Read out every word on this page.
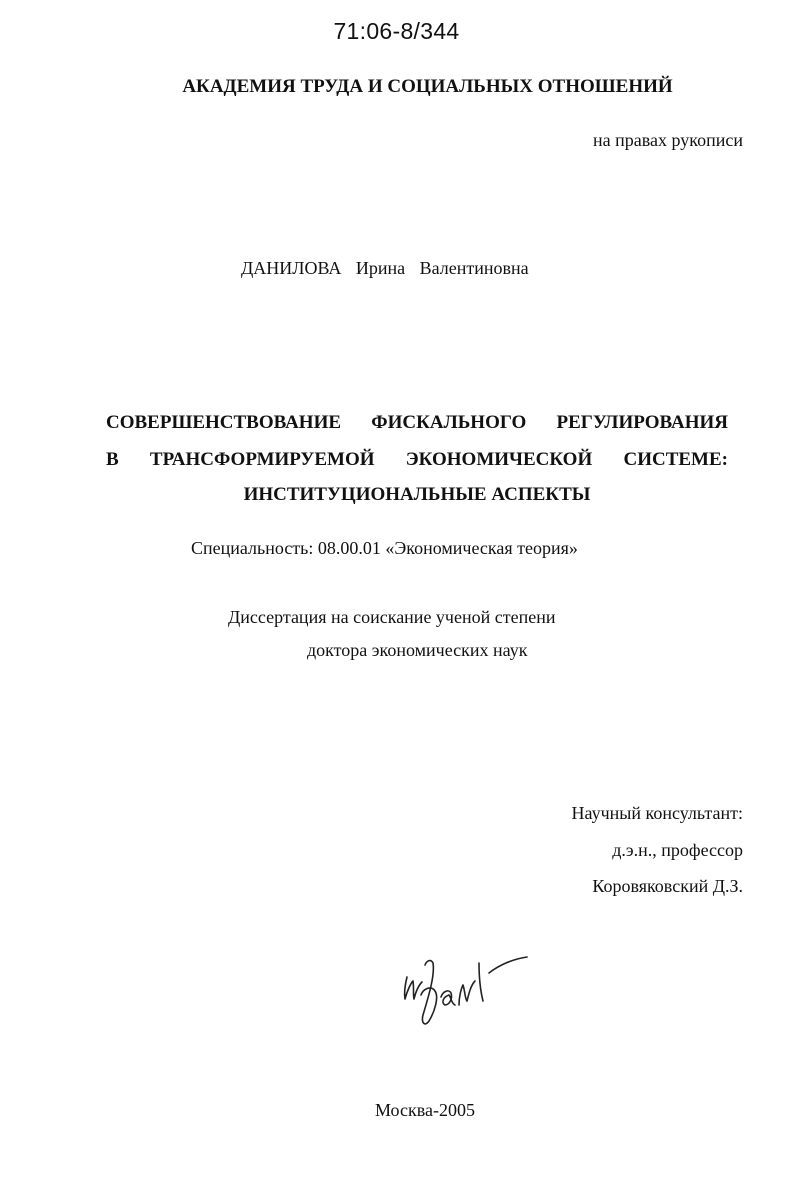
71:06-8/344
АКАДЕМИЯ ТРУДА И СОЦИАЛЬНЫХ ОТНОШЕНИЙ
на правах рукописи
ДАНИЛОВА Ирина Валентиновна
СОВЕРШЕНСТВОВАНИЕ ФИСКАЛЬНОГО РЕГУЛИРОВАНИЯ
В ТРАНСФОРМИРУЕМОЙ ЭКОНОМИЧЕСКОЙ СИСТЕМЕ:
ИНСТИТУЦИОНАЛЬНЫЕ АСПЕКТЫ
Специальность: 08.00.01 «Экономическая теория»
Диссертация на соискание ученой степени
доктора экономических наук
Научный консультант:
д.э.н., профессор
Коровяковский Д.З.
Москва-2005
